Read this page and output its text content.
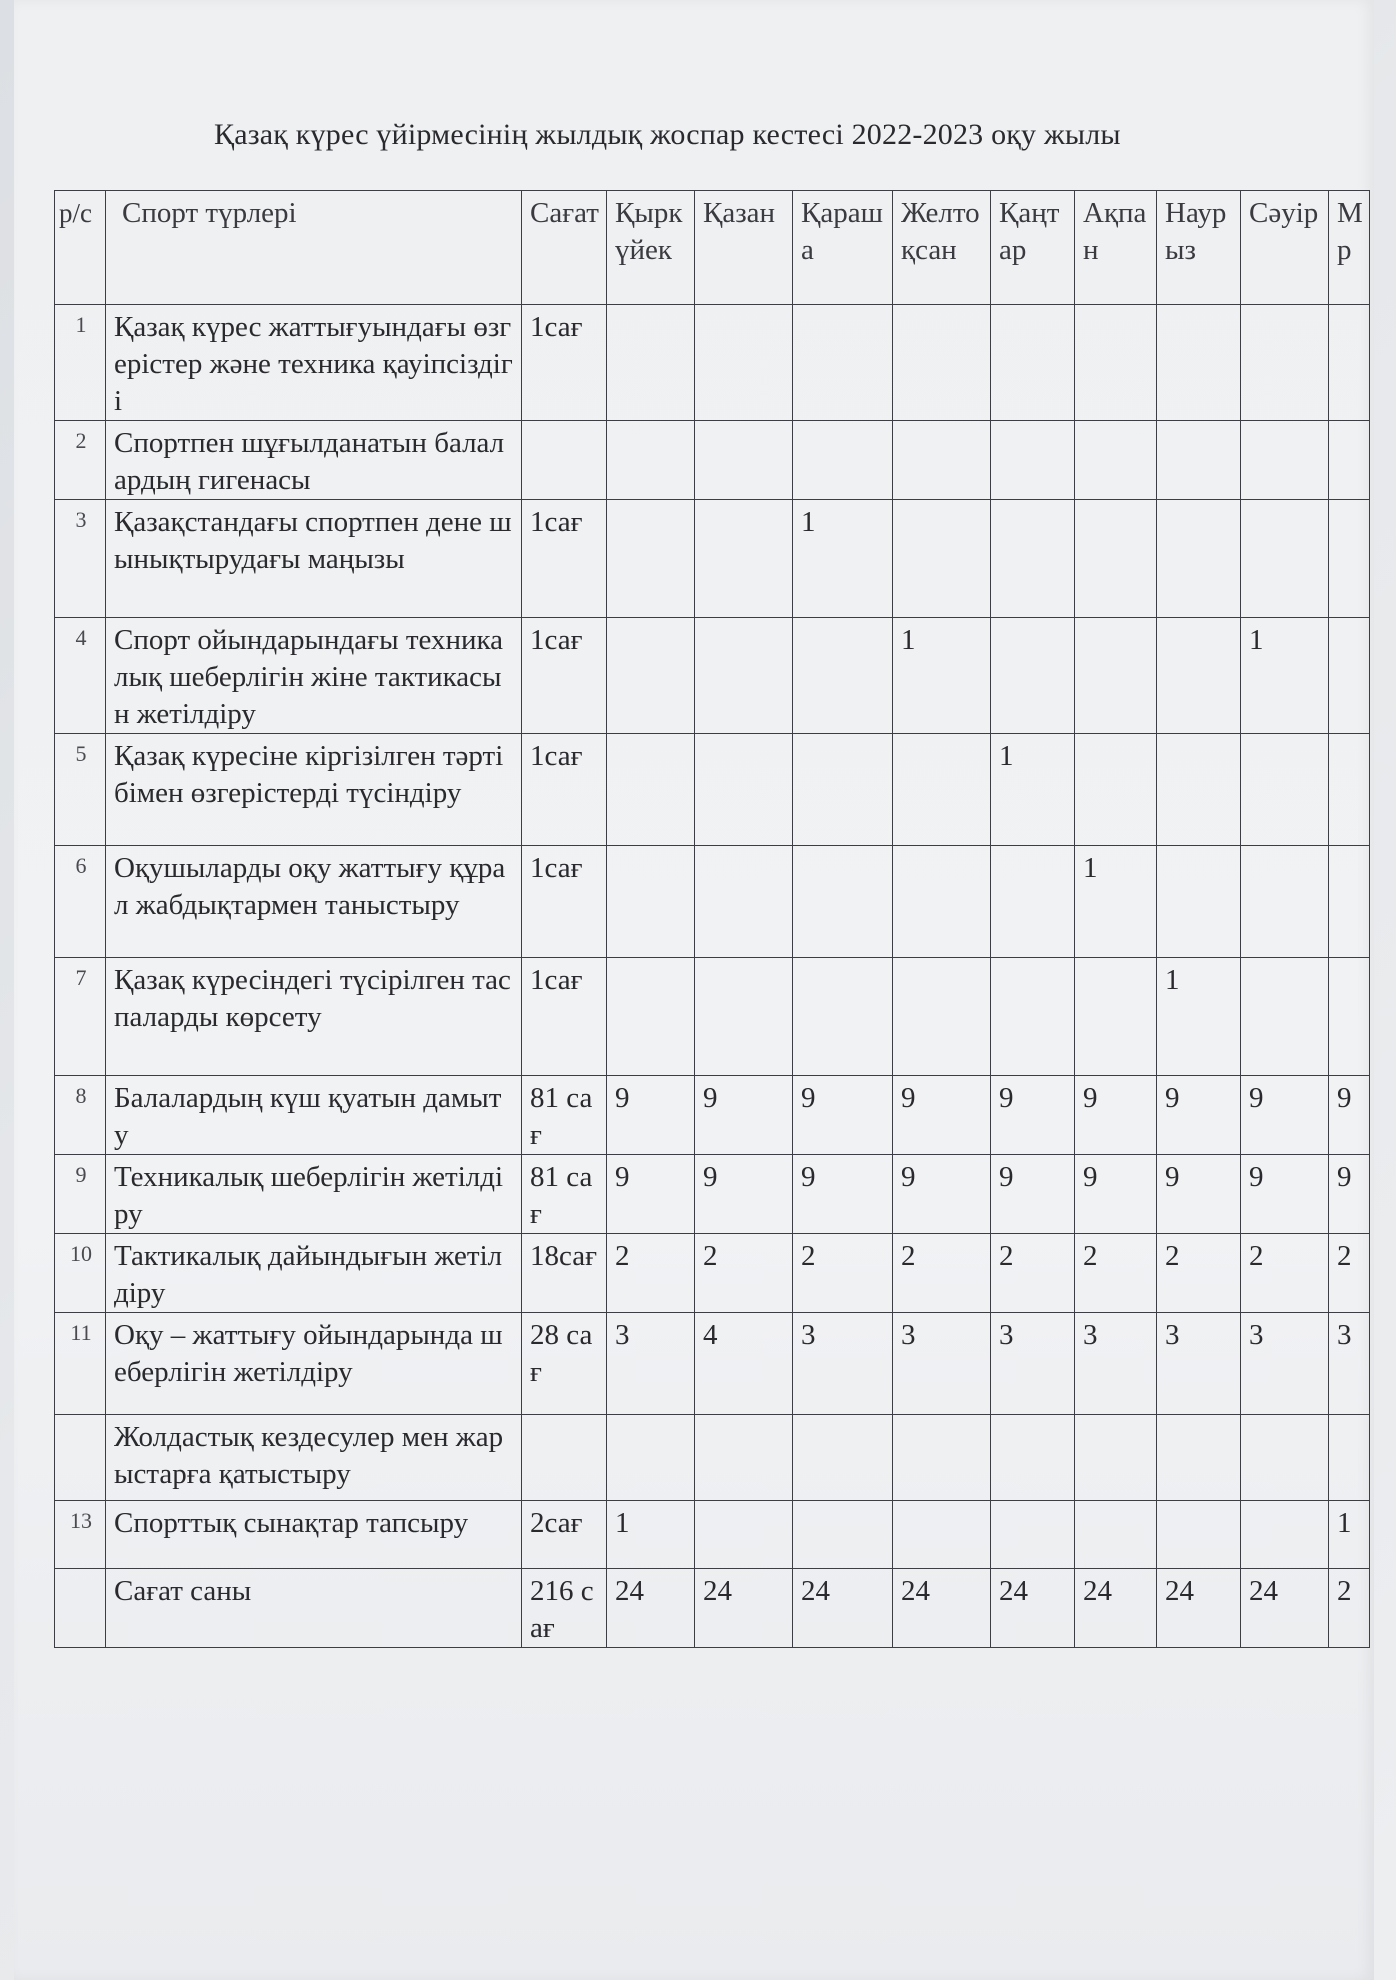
Қазақ күрес үйірмесінің жылдық жоспар кестесі 2022-2023 оқу жылы
р/с	Спорт түрлері	Сағат	Қыркүйек	Қазан	Қараша	Желтоқсан	Қаңтар	Ақпан	Наурыз	Сәуір	Мр
1	Қазақ күрес жаттығуындағы өзгерістер және техника қауіпсіздігі	1сағ									
2	Спортпен шұғылданатын балалардың гигенасы										
3	Қазақстандағы спортпен дене шынықтырудағы маңызы	1сағ			1						
4	Спорт ойындарындағы техникалық шеберлігін жіне тактикасын жетілдіру	1сағ				1				1	
5	Қазақ күресіне кіргізілген тәртібімен өзгерістерді түсіндіру	1сағ					1				
6	Оқушыларды оқу жаттығу құрал жабдықтармен таныстыру	1сағ						1			
7	Қазақ күресіндегі түсірілген таспаларды көрсету	1сағ							1		
8	Балалардың күш қуатын дамыту	81 сағ	9	9	9	9	9	9	9	9	9
9	Техникалық шеберлігін жетілдіру	81 сағ	9	9	9	9	9	9	9	9	9
10	Тактикалық дайындығын жетілдіру	18сағ	2	2	2	2	2	2	2	2	2
11	Оқу – жаттығу ойындарында шеберлігін жетілдіру	28 сағ	3	4	3	3	3	3	3	3	3
	Жолдастық кездесулер мен жарыстарға қатыстыру										
13	Спорттық сынақтар тапсыру	2сағ	1								1
	Сағат саны	216 сағ	24	24	24	24	24	24	24	24	2
